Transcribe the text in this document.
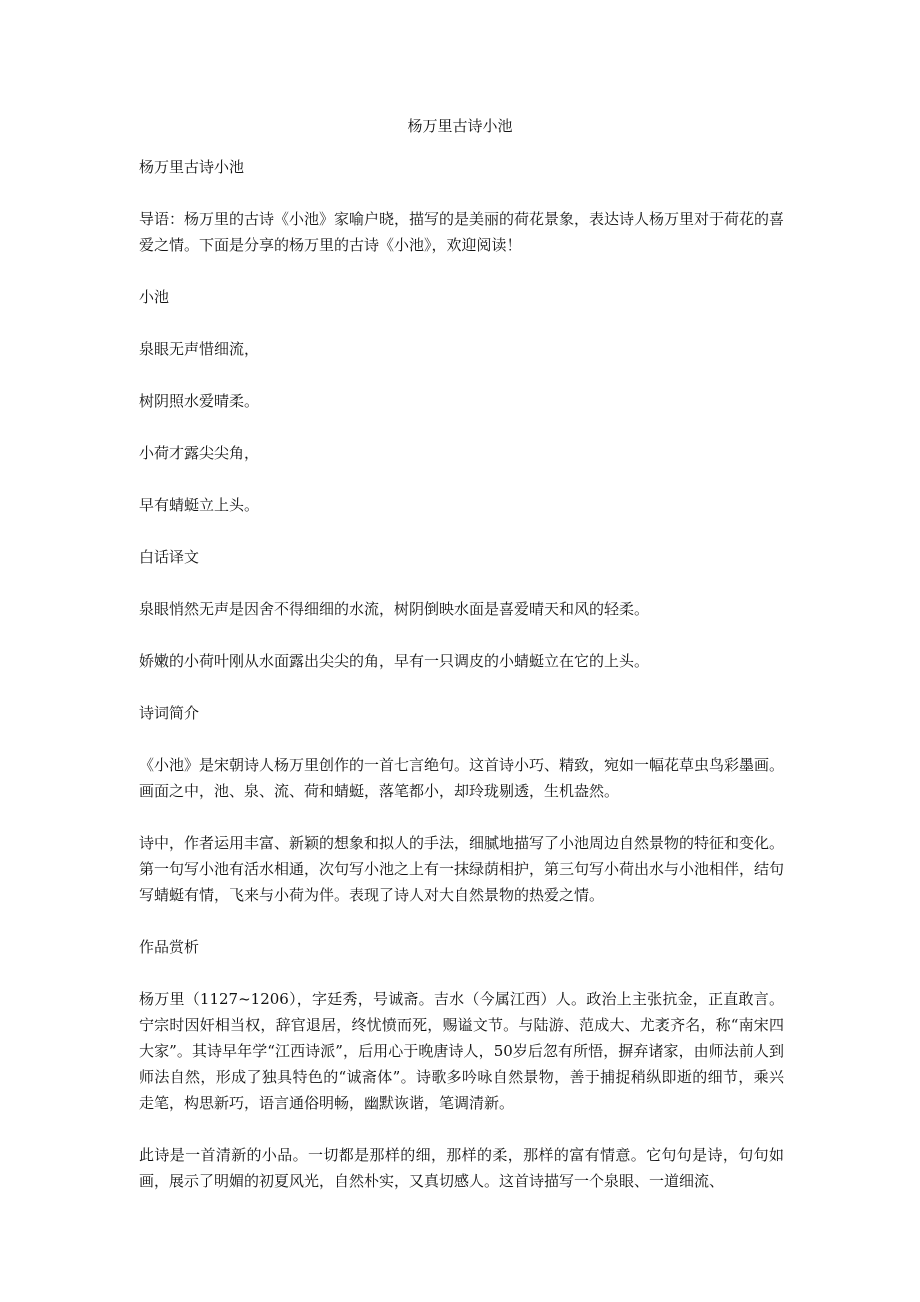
杨万里古诗小池

杨万里古诗小池

导语：杨万里的古诗《小池》家喻户晓，描写的是美丽的荷花景象，表达诗人杨万里对于荷花的喜爱之情。下面是分享的杨万里的古诗《小池》，欢迎阅读！

小池

泉眼无声惜细流，

树阴照水爱晴柔。

小荷才露尖尖角，

早有蜻蜓立上头。

白话译文

泉眼悄然无声是因舍不得细细的水流，树阴倒映水面是喜爱晴天和风的轻柔。

娇嫩的小荷叶刚从水面露出尖尖的角，早有一只调皮的小蜻蜓立在它的上头。

诗词简介

《小池》是宋朝诗人杨万里创作的一首七言绝句。这首诗小巧、精致，宛如一幅花草虫鸟彩墨画。画面之中，池、泉、流、荷和蜻蜓，落笔都小，却玲珑剔透，生机盎然。

诗中，作者运用丰富、新颖的想象和拟人的手法，细腻地描写了小池周边自然景物的特征和变化。第一句写小池有活水相通，次句写小池之上有一抹绿荫相护，第三句写小荷出水与小池相伴，结句写蜻蜓有情，飞来与小荷为伴。表现了诗人对大自然景物的热爱之情。

作品赏析

杨万里（1127~1206），字廷秀，号诚斋。吉水（今属江西）人。政治上主张抗金，正直敢言。宁宗时因奸相当权，辞官退居，终忧愤而死，赐谥文节。与陆游、范成大、尤袤齐名，称“南宋四大家”。其诗早年学“江西诗派”，后用心于晚唐诗人，50岁后忽有所悟，摒弃诸家，由师法前人到师法自然，形成了独具特色的“诚斋体”。诗歌多吟咏自然景物，善于捕捉稍纵即逝的细节，乘兴走笔，构思新巧，语言通俗明畅，幽默诙谐，笔调清新。

此诗是一首清新的小品。一切都是那样的细，那样的柔，那样的富有情意。它句句是诗，句句如画，展示了明媚的初夏风光，自然朴实，又真切感人。这首诗描写一个泉眼、一道细流、
